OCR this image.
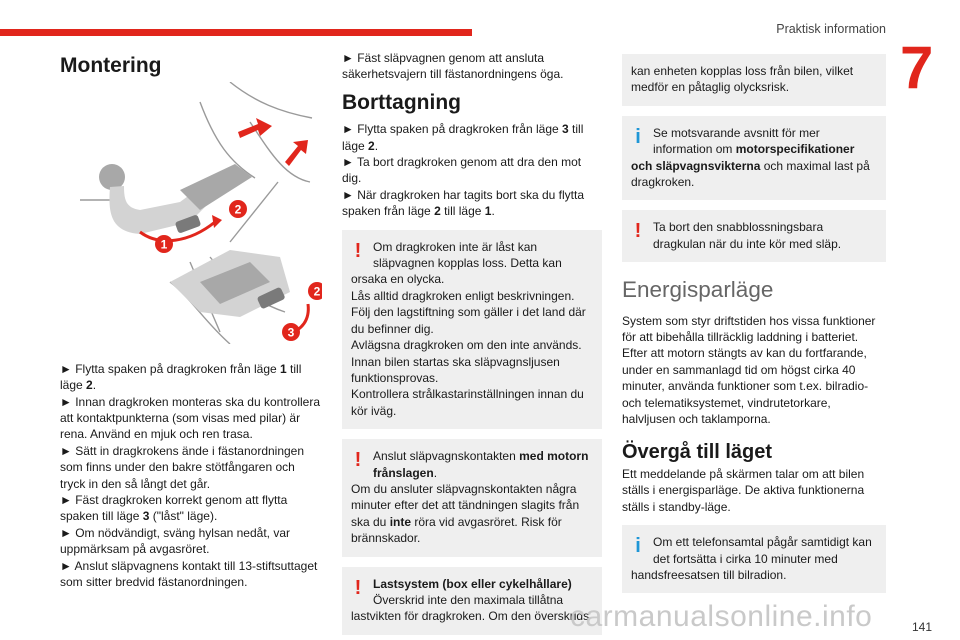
Praktisk information
7
Montering
2
1
2
3

► Flytta spaken på dragkroken från läge 1 till läge 2.

► Innan dragkroken monteras ska du kontrollera att kontaktpunkterna (som visas med pilar) är rena. Använd en mjuk och ren trasa.

► Sätt in dragkrokens ände i fästanordningen som finns under den bakre stötfångaren och tryck in den så långt det går.

► Fäst dragkroken korrekt genom att flytta spaken till läge 3 ("låst" läge).

► Om nödvändigt, sväng hylsan nedåt, var uppmärksam på avgasröret.

► Anslut släpvagnens kontakt till 13-stiftsuttaget som sitter bredvid fästanordningen.

► Fäst släpvagnen genom att ansluta säkerhetsvajern till fästanordningens öga.

Borttagning

► Flytta spaken på dragkroken från läge 3 till läge 2.

► Ta bort dragkroken genom att dra den mot dig.

► När dragkroken har tagits bort ska du flytta spaken från läge 2 till läge 1.

! Om dragkroken inte är låst kan
släpvagnen kopplas loss. Detta kan

orsaka en olycka.

Lås alltid dragkroken enligt beskrivningen.

Följ den lagstiftning som gäller i det land där du befinner dig.

Avlägsna dragkroken om den inte används.

Innan bilen startas ska släpvagnsljusen funktionsprovas.

Kontrollera strålkastarinställningen innan du kör iväg.

! Anslut släpvagnskontakten med motorn frånslagen.

Om du ansluter släpvagnskontakten några minuter efter det att tändningen slagits från ska du inte röra vid avgasröret. Risk för brännskador.

! Lastsystem (box eller cykelhållare)
Överskrid inte den maximala tillåtna

lastvikten för dragkroken. Om den överskrids

kan enheten kopplas loss från bilen, vilket medför en påtaglig olycksrisk.

i	Se motsvarande avsnitt för mer
information om motorspecifikationer

och släpvagnsvikterna och maximal last på dragkroken.

! Ta bort den snabblossningsbara
dragkulan när du inte kör med släp.
Energisparläge

System som styr driftstiden hos vissa funktioner för att bibehålla tillräcklig laddning i batteriet. Efter att motorn stängts av kan du fortfarande, under en sammanlagd tid om högst cirka 40 minuter, använda funktioner som t.ex. bilradio- och telematiksystemet, vindrutetorkare, halvljusen och taklamporna.

Övergå till läget

Ett meddelande på skärmen talar om att bilen ställs i energisparläge. De aktiva funktionerna ställs i standby-läge.

i	Om ett telefonsamtal pågår samtidigt kan
det fortsätta i cirka 10 minuter med

handsfreesatsen till bilradion.

carmanualsonline.info	141
